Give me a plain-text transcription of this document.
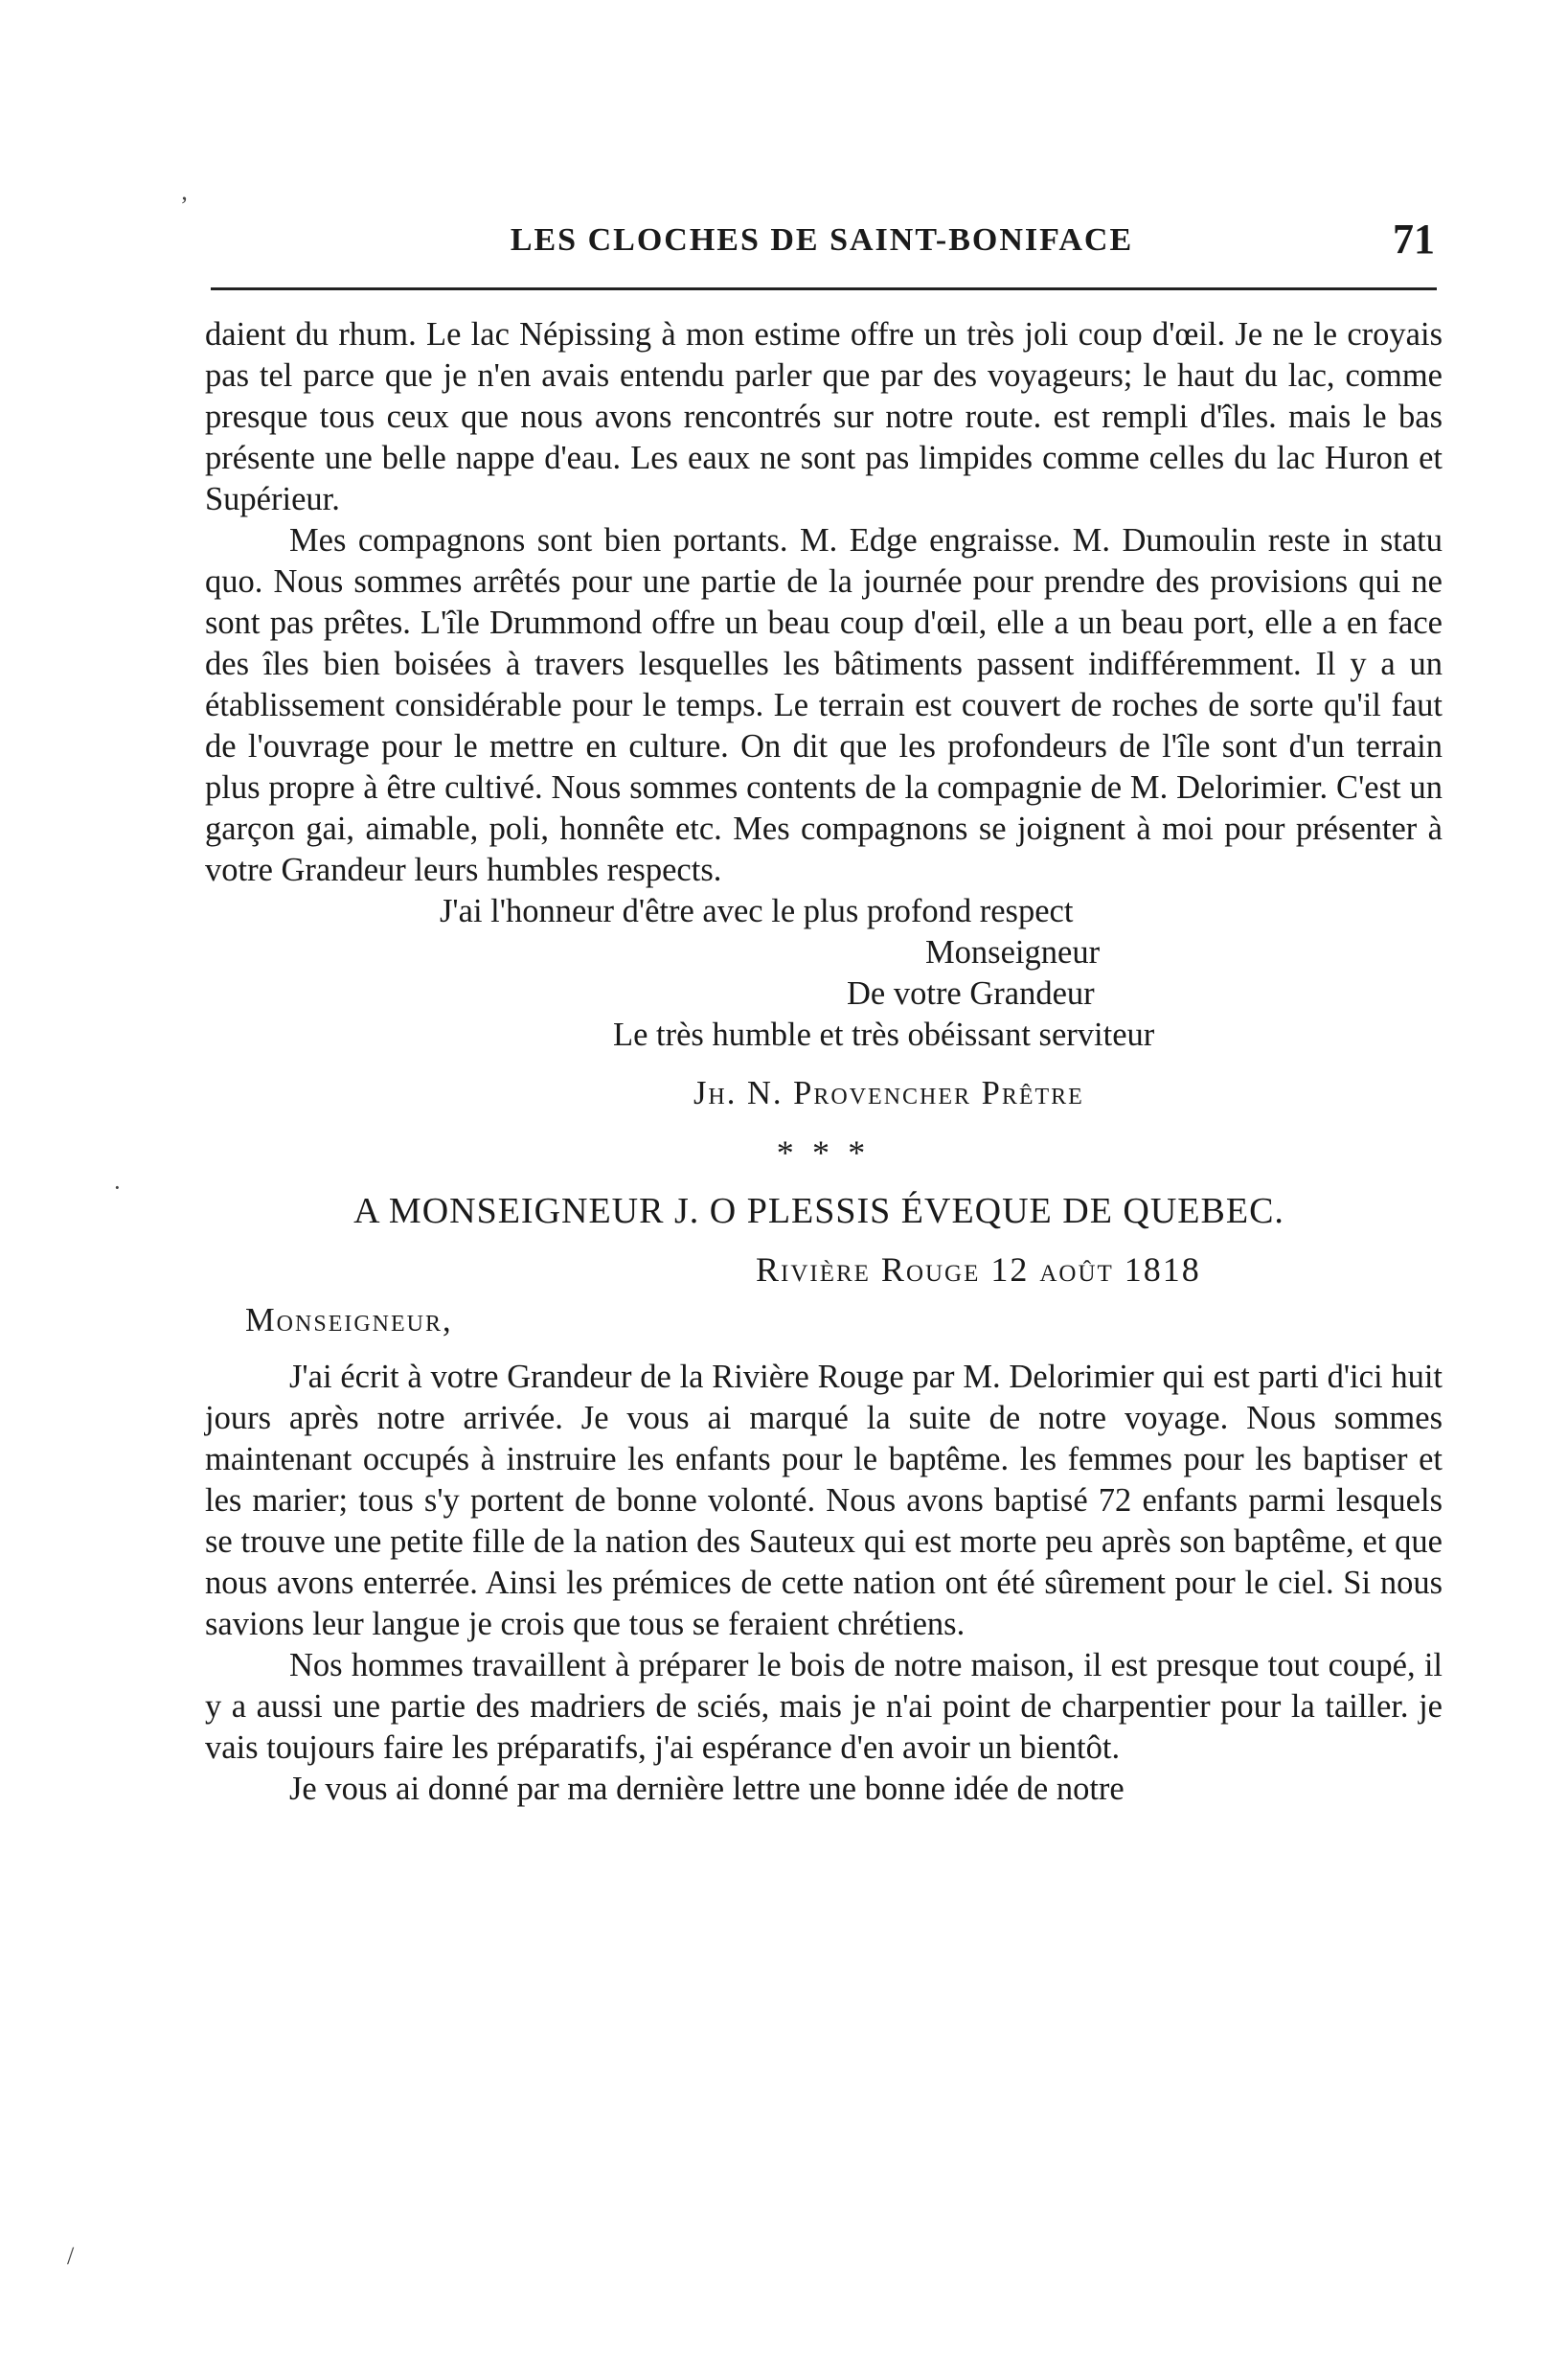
LES CLOCHES DE SAINT-BONIFACE	71
ʼ
·
/

daient du rhum. Le lac Népissing à mon estime offre un très joli coup d'œil. Je ne le croyais pas tel parce que je n'en avais entendu parler que par des voyageurs; le haut du lac, comme presque tous ceux que nous avons rencontrés sur notre route. est rempli d'îles. mais le bas présente une belle nappe d'eau. Les eaux ne sont pas limpides comme celles du lac Huron et Supérieur.

Mes compagnons sont bien portants. M. Edge engraisse. M. Dumoulin reste in statu quo. Nous sommes arrêtés pour une partie de la journée pour prendre des provisions qui ne sont pas prêtes. L'île Drummond offre un beau coup d'œil, elle a un beau port, elle a en face des îles bien boisées à travers lesquelles les bâtiments passent indifféremment. Il y a un établissement considérable pour le temps. Le terrain est couvert de roches de sorte qu'il faut de l'ouvrage pour le mettre en culture. On dit que les profondeurs de l'île sont d'un terrain plus propre à être cultivé. Nous sommes contents de la compagnie de M. Delorimier. C'est un garçon gai, aimable, poli, honnête etc. Mes compagnons se joignent à moi pour présenter à votre Grandeur leurs humbles respects.

J'ai l'honneur d'être avec le plus profond respect
Monseigneur
De votre Grandeur
Le très humble et très obéissant serviteur
Jh. N. Provencher Prêtre
* * *
A MONSEIGNEUR J. O PLESSIS ÉVEQUE DE QUEBEC.
Rivière Rouge 12 août 1818
Monseigneur,

J'ai écrit à votre Grandeur de la Rivière Rouge par M. Delorimier qui est parti d'ici huit jours après notre arrivée. Je vous ai marqué la suite de notre voyage. Nous sommes maintenant occupés à instruire les enfants pour le baptême. les femmes pour les baptiser et les marier; tous s'y portent de bonne volonté. Nous avons baptisé 72 enfants parmi lesquels se trouve une petite fille de la nation des Sauteux qui est morte peu après son baptême, et que nous avons enterrée. Ainsi les prémices de cette nation ont été sûrement pour le ciel. Si nous savions leur langue je crois que tous se feraient chrétiens.

Nos hommes travaillent à préparer le bois de notre maison, il est presque tout coupé, il y a aussi une partie des madriers de sciés, mais je n'ai point de charpentier pour la tailler. je vais toujours faire les préparatifs, j'ai espérance d'en avoir un bientôt.

Je vous ai donné par ma dernière lettre une bonne idée de notre
